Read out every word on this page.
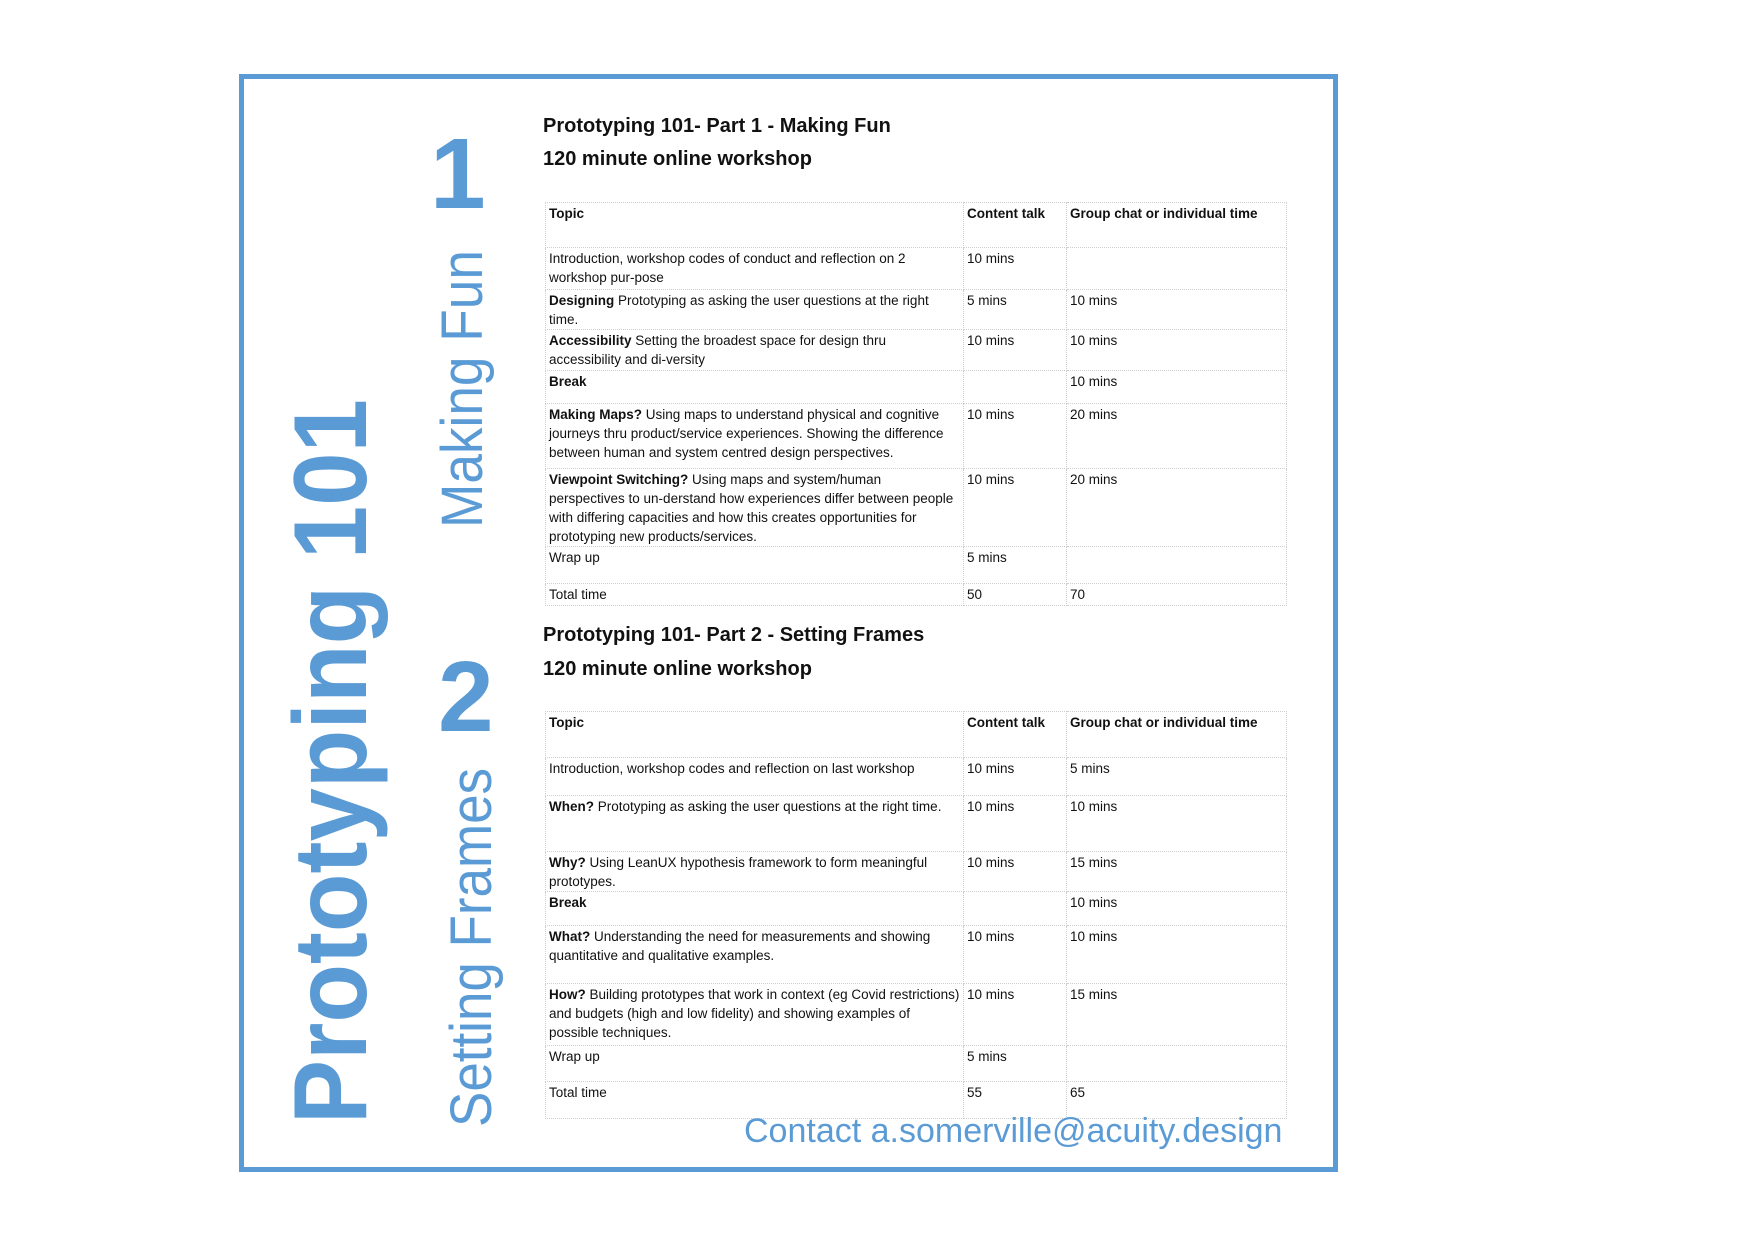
Prototyping 101
1
Making Fun
2
Setting Frames
Prototyping 101- Part 1 - Making Fun
120 minute online workshop
Topic	Content talk	Group chat or individual time
Introduction, workshop codes of conduct and reflection on 2 workshop pur-pose	10 mins	
Designing Prototyping as asking the user questions at the right time.	5 mins	10 mins
Accessibility Setting the broadest space for design thru accessibility and di-versity	10 mins	10 mins
Break		10 mins
Making Maps? Using maps to understand physical and cognitive journeys thru product/service experiences. Showing the difference between human and system centred design perspectives.	10 mins	20 mins
Viewpoint Switching? Using maps and system/human perspectives to un-derstand how experiences differ between people with differing capacities and how this creates opportunities for prototyping new products/services.	10 mins	20 mins
Wrap up	5 mins	
Total time	50	70
Prototyping 101- Part 2 - Setting Frames
120 minute online workshop
Topic	Content talk	Group chat or individual time
Introduction, workshop codes and reflection on last workshop	10 mins	5 mins
When? Prototyping as asking the user questions at the right time.	10 mins	10 mins
Why? Using LeanUX hypothesis framework to form meaningful prototypes.	10 mins	15 mins
Break		10 mins
What? Understanding the need for measurements and showing quantitative and qualitative examples.	10 mins	10 mins
How? Building prototypes that work in context (eg Covid restrictions) and budgets (high and low fidelity) and showing examples of possible techniques.	10 mins	15 mins
Wrap up	5 mins	
Total time	55	65
Contact a.somerville@acuity.design
